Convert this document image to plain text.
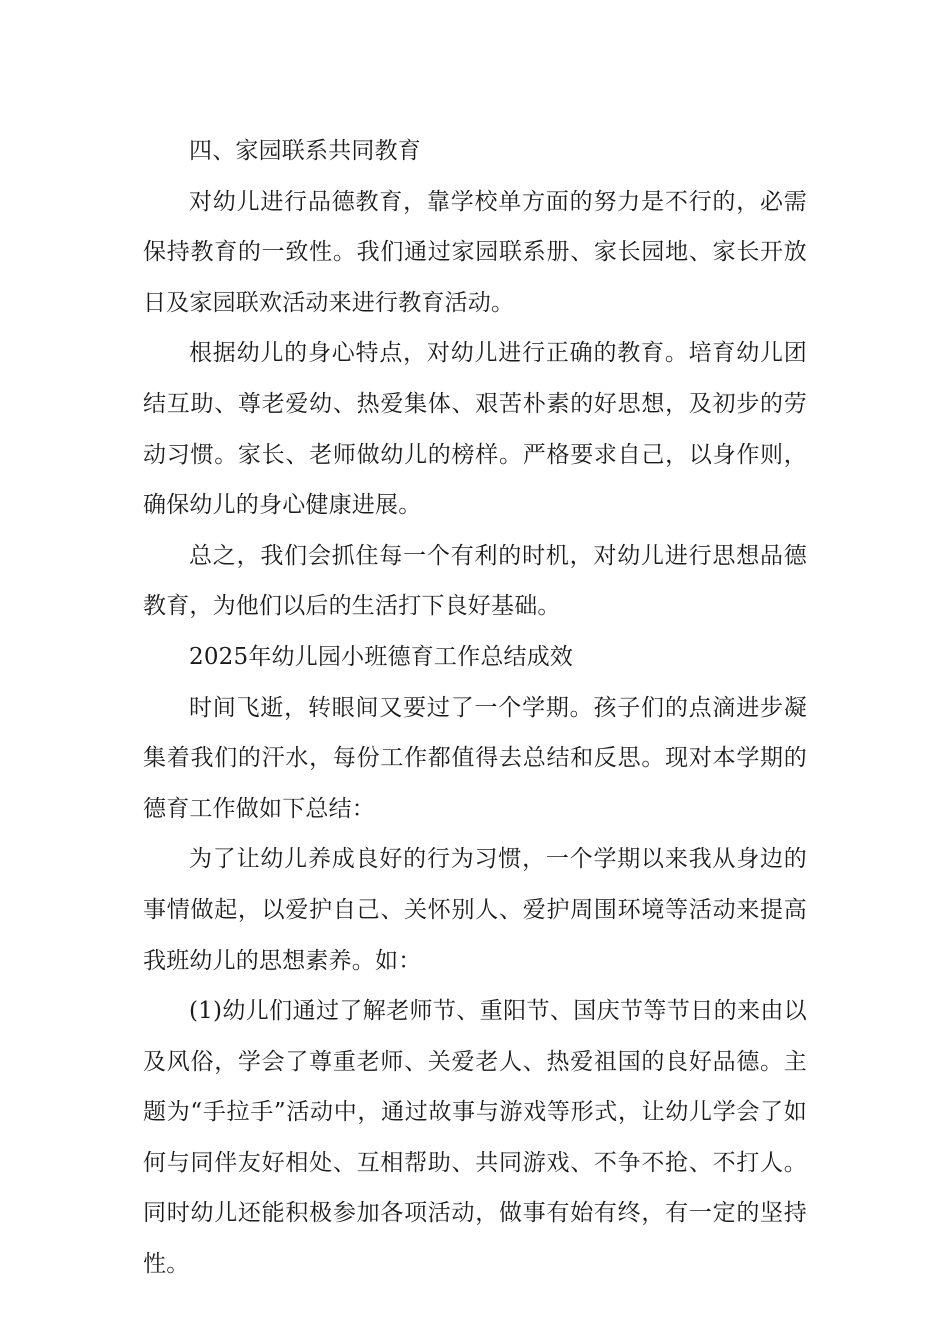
四、家园联系共同教育

对幼儿进行品德教育，靠学校单方面的努力是不行的，必需保持教育的一致性。我们通过家园联系册、家长园地、家长开放日及家园联欢活动来进行教育活动。

根据幼儿的身心特点，对幼儿进行正确的教育。培育幼儿团结互助、尊老爱幼、热爱集体、艰苦朴素的好思想，及初步的劳动习惯。家长、老师做幼儿的榜样。严格要求自己，以身作则，确保幼儿的身心健康进展。

总之，我们会抓住每一个有利的时机，对幼儿进行思想品德教育，为他们以后的生活打下良好基础。

2025年幼儿园小班德育工作总结成效

时间飞逝，转眼间又要过了一个学期。孩子们的点滴进步凝集着我们的汗水，每份工作都值得去总结和反思。现对本学期的德育工作做如下总结：

为了让幼儿养成良好的行为习惯，一个学期以来我从身边的事情做起，以爱护自己、关怀别人、爱护周围环境等活动来提高我班幼儿的思想素养。如：

(1)幼儿们通过了解老师节、重阳节、国庆节等节日的来由以及风俗，学会了尊重老师、关爱老人、热爱祖国的良好品德。主题为“手拉手”活动中，通过故事与游戏等形式，让幼儿学会了如何与同伴友好相处、互相帮助、共同游戏、不争不抢、不打人。同时幼儿还能积极参加各项活动，做事有始有终，有一定的坚持性。
